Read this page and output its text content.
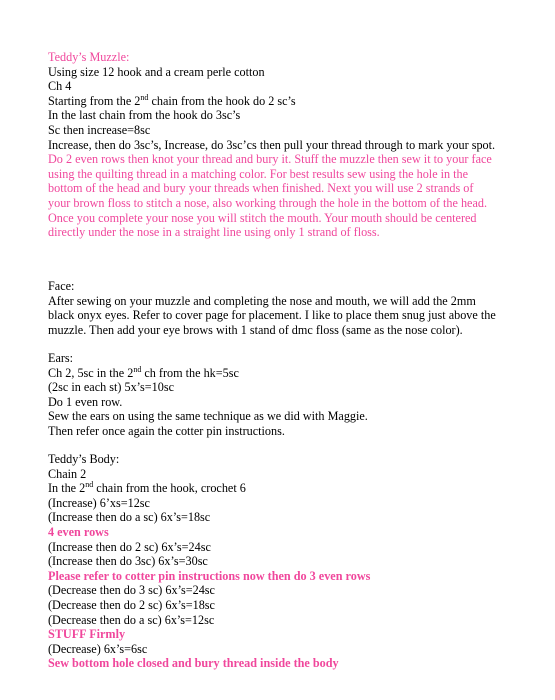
Teddy’s Muzzle:
Using size 12 hook and a cream perle cotton
Ch 4
Starting from the 2nd chain from the hook do 2 sc’s
In the last chain from the hook do 3sc’s
Sc then increase=8sc
Increase, then do 3sc’s, Increase, do 3sc’cs then pull your thread through to mark your spot.
Do 2 even rows then knot your thread and bury it. Stuff the muzzle then sew it to your face using the quilting thread in a matching color. For best results sew using the hole in the bottom of the head and bury your threads when finished. Next you will use 2 strands of your brown floss to stitch a nose, also working through the hole in the bottom of the head. Once you complete your nose you will stitch the mouth. Your mouth should be centered directly under the nose in a straight line using only 1 strand of floss.
Face:
After sewing on your muzzle and completing the nose and mouth, we will add the 2mm black onyx eyes. Refer to cover page for placement. I like to place them snug just above the muzzle. Then add your eye brows with 1 stand of dmc floss (same as the nose color).
Ears:
Ch 2, 5sc in the 2nd ch from the hk=5sc
(2sc in each st) 5x’s=10sc
Do 1 even row.
Sew the ears on using the same technique as we did with Maggie.
Then refer once again the cotter pin instructions.
Teddy’s Body:
Chain 2
In the 2nd chain from the hook, crochet 6
(Increase) 6’xs=12sc
(Increase then do a sc) 6x’s=18sc
4 even rows
(Increase then do 2 sc) 6x’s=24sc
(Increase then do 3sc) 6x’s=30sc
Please refer to cotter pin instructions now then do 3 even rows
(Decrease then do 3 sc) 6x’s=24sc
(Decrease then do 2 sc) 6x’s=18sc
(Decrease then do a sc) 6x’s=12sc
STUFF Firmly
(Decrease) 6x’s=6sc
Sew bottom hole closed and bury thread inside the body
